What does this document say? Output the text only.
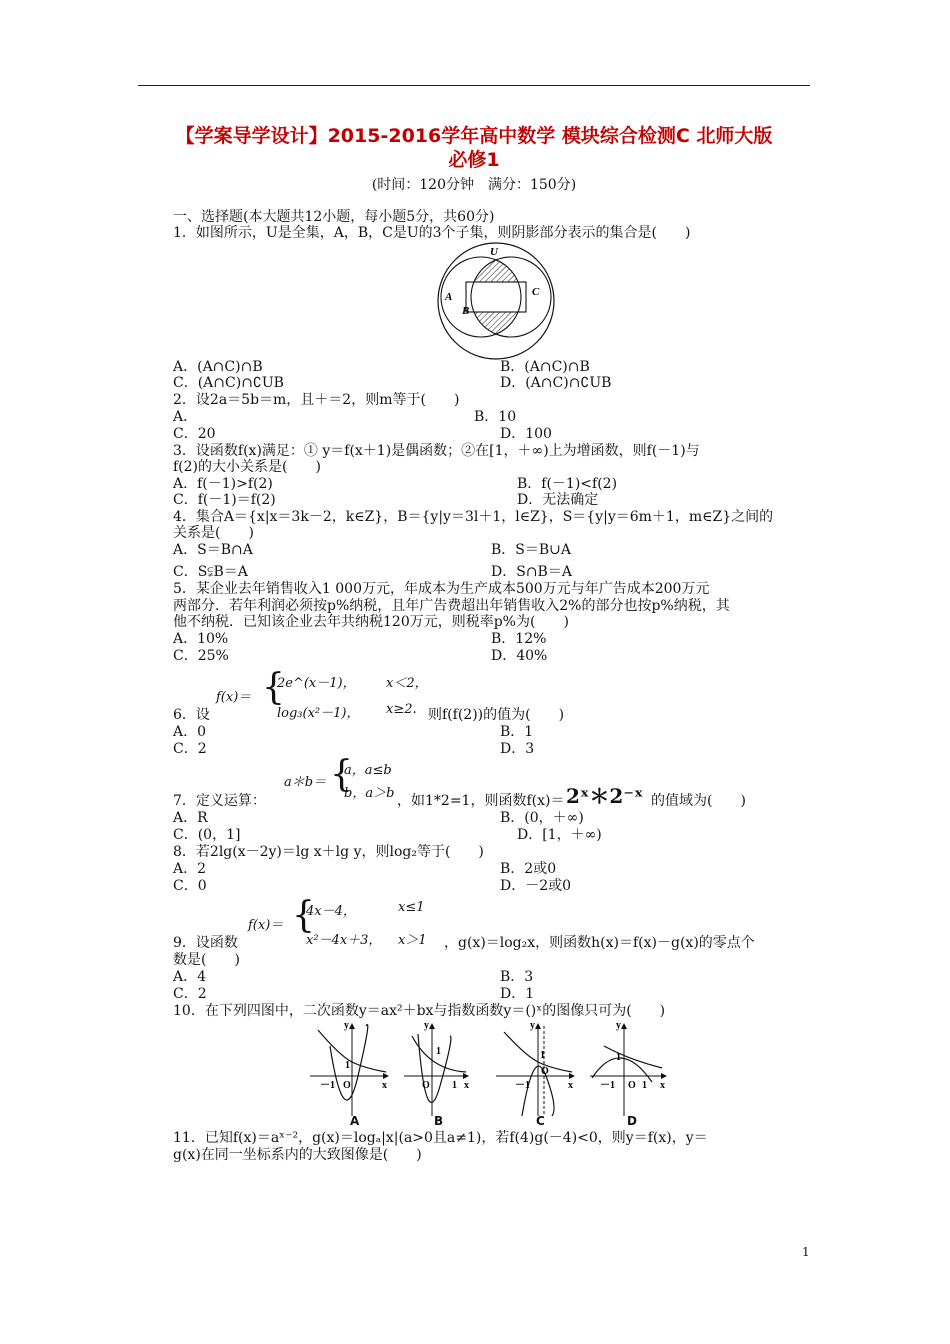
【学案导学设计】2015-2016学年高中数学 模块综合检测C 北师大版
必修1
(时间：120分钟　满分：150分)
一、选择题(本大题共12小题，每小题5分，共60分)
1．如图所示，U是全集，A，B，C是U的3个子集，则阴影部分表示的集合是(　　)
U
A
B
C
A．(A∩C)∩B	B．(A∩C)∩B
C．(A∩C)∩∁UB	D．(A∩C)∩∁UB
2．设2a＝5b＝m，且＋＝2，则m等于(　　)
A．	B．10
C．20	D．100
3．设函数f(x)满足：① y＝f(x＋1)是偶函数；②在[1，＋∞)上为增函数，则f(－1)与
f(2)的大小关系是(　　)
A．f(－1)>f(2)	B．f(－1)<f(2)
C．f(－1)＝f(2)	D．无法确定
4．集合A＝{x|x＝3k－2，k∈Z}，B＝{y|y＝3l＋1，l∈Z}，S＝{y|y＝6m＋1，m∈Z}之间的
关系是(　　)
A．S＝B∩A	B．S＝B∪A
C．S⫋B＝A	D．S∩B＝A
5．某企业去年销售收入1 000万元，年成本为生产成本500万元与年广告成本200万元
两部分．若年利润必须按p%纳税，且年广告费超出年销售收入2%的部分也按p%纳税，其
他不纳税．已知该企业去年共纳税120万元，则税率p%为(　　)
A．10%	B．12%
C．25%	D．40%
f(x)＝ {
2e^(x－1)， x＜2，
log₃(x²－1)， x≥2.
6．设	则f(f(2))的值为(　　)
A．0	B．1
C．2	D．3
a＊b＝ {
a，a≤b
b，a＞b
7．定义运算：	，如1*2=1，则函数f(x)＝ 2ˣ＊2⁻ˣ 的值域为(　　)
A．R	B．(0，＋∞)
C．(0，1]	D．[1，＋∞)
8．若2lg(x－2y)＝lg x＋lg y，则log₂等于(　　)
A．2	B．2或0
C．0	D．－2或0
f(x)＝ {
4x－4，	x≤1
x²－4x＋3， x＞1
9．设函数	，g(x)＝log₂x，则函数h(x)＝f(x)－g(x)的零点个
数是(　　)
A．4	B．3
C．2	D．1
10．在下列四图中，二次函数y＝ax²＋bx与指数函数y＝()ˣ的图像只可为(　　)
y
x
O
1
－1
y
x
O
1
1
y
x
O
1
－1
y
x
O
1
1
－1
A	B	C	D
11．已知f(x)＝aˣ⁻²，g(x)＝logₐ|x|(a>0且a≠1)，若f(4)g(－4)<0，则y＝f(x)，y＝
g(x)在同一坐标系内的大致图像是(　　)
1
